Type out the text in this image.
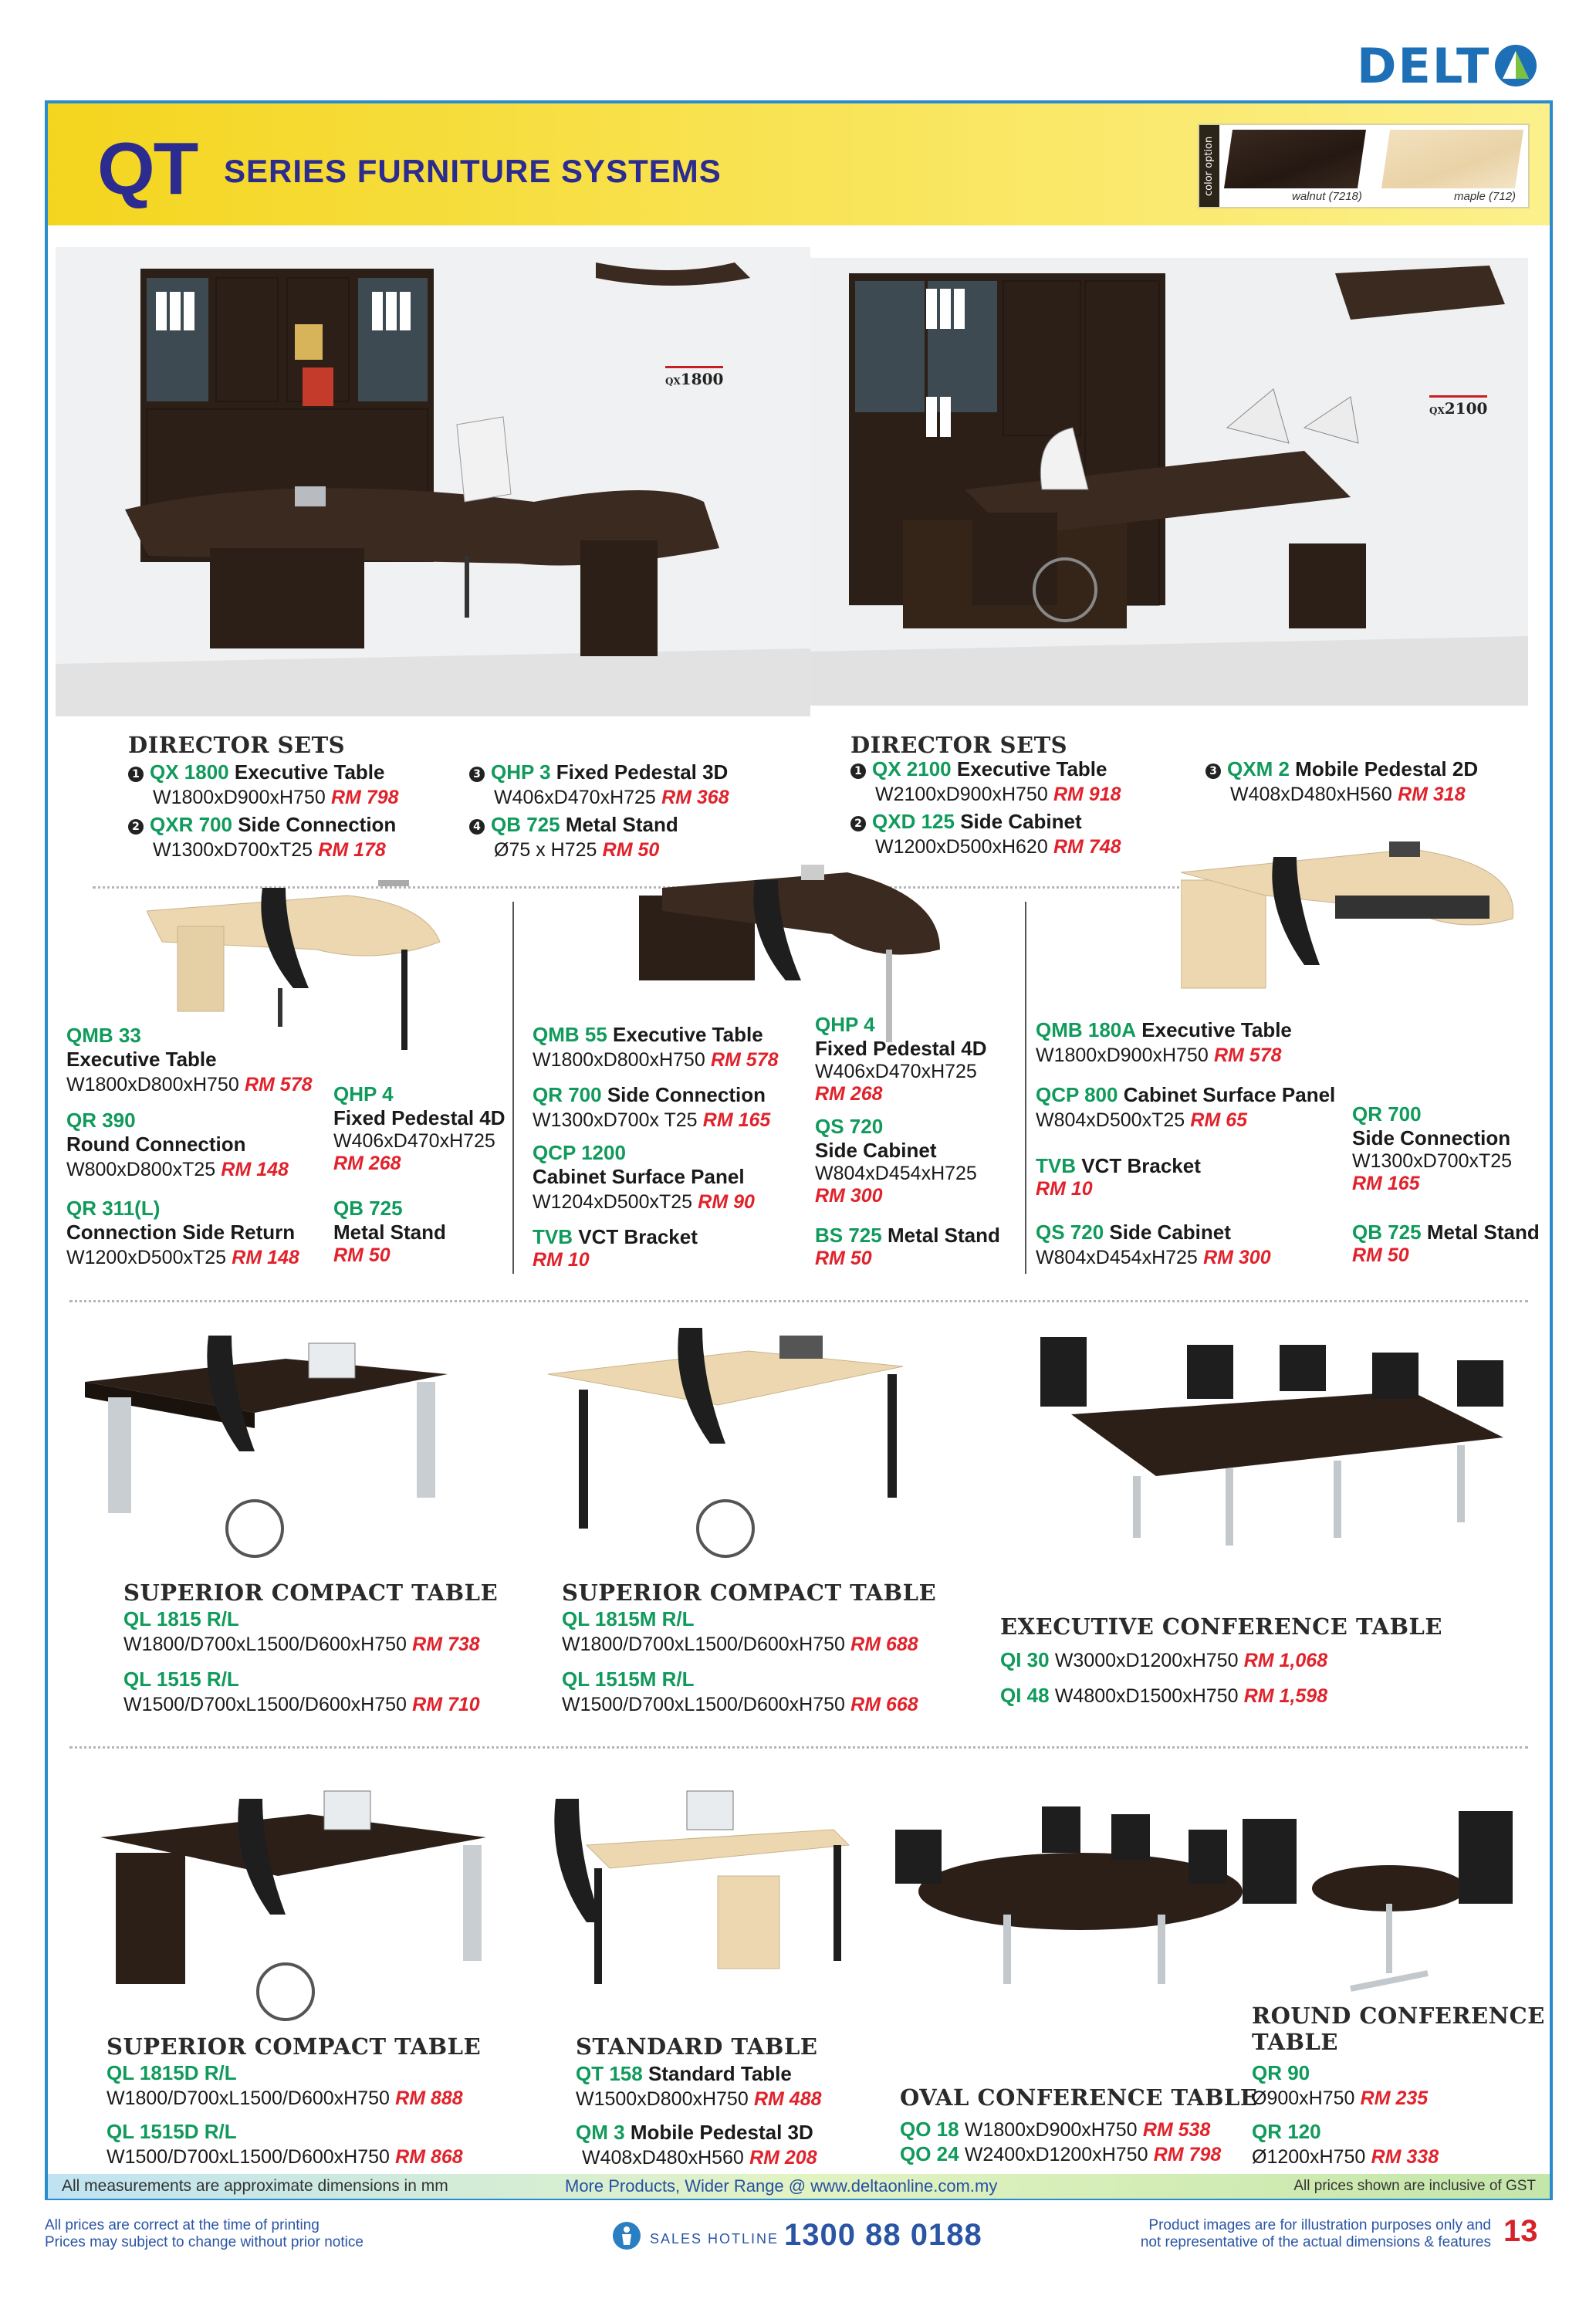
DELT
QT SERIES FURNITURE SYSTEMS	color option
walnut (7218)	maple (712)
QX1800
QX2100
DIRECTOR SETS
1 QX 1800 Executive Table
W1800xD900xH750 RM 798
2 QXR 700 Side Connection
W1300xD700xT25 RM 178
3 QHP 3 Fixed Pedestal 3D
W406xD470xH725 RM 368
4 QB 725 Metal Stand
Ø75 x H725 RM 50
DIRECTOR SETS
1 QX 2100 Executive Table
W2100xD900xH750 RM 918
2 QXD 125 Side Cabinet
W1200xD500xH620 RM 748
3 QXM 2 Mobile Pedestal 2D
W408xD480xH560 RM 318
QMB 33
Executive Table
W1800xD800xH750 RM 578
QR 390
Round Connection
W800xD800xT25 RM 148
QR 311(L)
Connection Side Return
W1200xD500xT25 RM 148
QHP 4
Fixed Pedestal 4D
W406xD470xH725
RM 268
QB 725
Metal Stand
RM 50
QMB 55 Executive Table
W1800xD800xH750 RM 578
QR 700 Side Connection
W1300xD700x T25 RM 165
QCP 1200
Cabinet Surface Panel
W1204xD500xT25 RM 90
TVB VCT Bracket
RM 10
QHP 4
Fixed Pedestal 4D
W406xD470xH725
RM 268
QS 720
Side Cabinet
W804xD454xH725
RM 300
BS 725 Metal Stand
RM 50
QMB 180A Executive Table
W1800xD900xH750 RM 578
QCP 800 Cabinet Surface Panel
W804xD500xT25 RM 65
TVB VCT Bracket
RM 10
QS 720 Side Cabinet
W804xD454xH725 RM 300
QR 700
Side Connection
W1300xD700xT25
RM 165
QB 725 Metal Stand
RM 50
SUPERIOR COMPACT TABLE
QL 1815 R/L
W1800/D700xL1500/D600xH750 RM 738
QL 1515 R/L
W1500/D700xL1500/D600xH750 RM 710
SUPERIOR COMPACT TABLE
QL 1815M R/L
W1800/D700xL1500/D600xH750 RM 688
QL 1515M R/L
W1500/D700xL1500/D600xH750 RM 668
EXECUTIVE CONFERENCE TABLE
QI 30 W3000xD1200xH750 RM 1,068
QI 48 W4800xD1500xH750 RM 1,598
SUPERIOR COMPACT TABLE
QL 1815D R/L
W1800/D700xL1500/D600xH750 RM 888
QL 1515D R/L
W1500/D700xL1500/D600xH750 RM 868
STANDARD TABLE
QT 158 Standard Table
W1500xD800xH750 RM 488
QM 3 Mobile Pedestal 3D
W408xD480xH560 RM 208
OVAL CONFERENCE TABLE
QO 18 W1800xD900xH750 RM 538
QO 24 W2400xD1200xH750 RM 798
ROUND CONFERENCE
TABLE
QR 90
Ø900xH750 RM 235
QR 120
Ø1200xH750 RM 338
All measurements are approximate dimensions in mm	More Products, Wider Range @ www.deltaonline.com.my	All prices shown are inclusive of GST
All prices are correct at the time of printing
Prices may subject to change without prior notice	SALES HOTLINE 1300 88 0188	Product images are for illustration purposes only and
not representative of the actual dimensions & features 13
